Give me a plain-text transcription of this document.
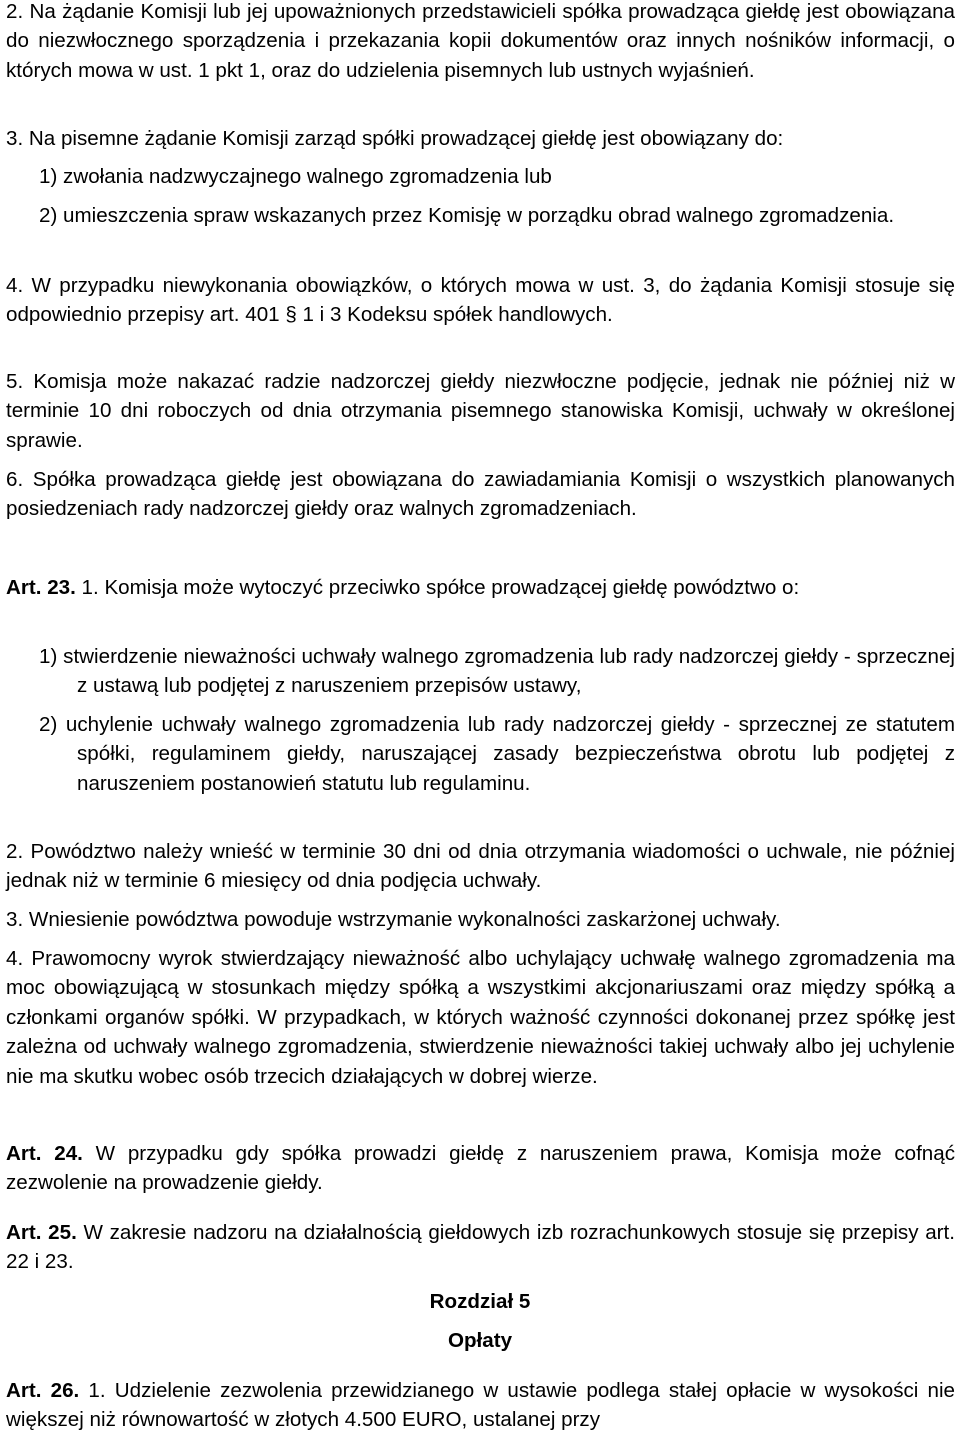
2. Na żądanie Komisji lub jej upoważnionych przedstawicieli spółka prowadząca giełdę jest obowiązana do niezwłocznego sporządzenia i przekazania kopii dokumentów oraz innych nośników informacji, o których mowa w ust. 1 pkt 1, oraz do udzielenia pisemnych lub ustnych wyjaśnień.

3. Na pisemne żądanie Komisji zarząd spółki prowadzącej giełdę jest obowiązany do:

1) zwołania nadzwyczajnego walnego zgromadzenia lub

2) umieszczenia spraw wskazanych przez Komisję w porządku obrad walnego zgromadzenia.

4. W przypadku niewykonania obowiązków, o których mowa w ust. 3, do żądania Komisji stosuje się odpowiednio przepisy art. 401 § 1 i 3 Kodeksu spółek handlowych.

5. Komisja może nakazać radzie nadzorczej giełdy niezwłoczne podjęcie, jednak nie później niż w terminie 10 dni roboczych od dnia otrzymania pisemnego stanowiska Komisji, uchwały w określonej sprawie.

6. Spółka prowadząca giełdę jest obowiązana do zawiadamiania Komisji o wszystkich planowanych posiedzeniach rady nadzorczej giełdy oraz walnych zgromadzeniach.

Art. 23. 1. Komisja może wytoczyć przeciwko spółce prowadzącej giełdę powództwo o:

1) stwierdzenie nieważności uchwały walnego zgromadzenia lub rady nadzorczej giełdy - sprzecznej z ustawą lub podjętej z naruszeniem przepisów ustawy,

2) uchylenie uchwały walnego zgromadzenia lub rady nadzorczej giełdy - sprzecznej ze statutem spółki, regulaminem giełdy, naruszającej zasady bezpieczeństwa obrotu lub podjętej z naruszeniem postanowień statutu lub regulaminu.

2. Powództwo należy wnieść w terminie 30 dni od dnia otrzymania wiadomości o uchwale, nie później jednak niż w terminie 6 miesięcy od dnia podjęcia uchwały.

3. Wniesienie powództwa powoduje wstrzymanie wykonalności zaskarżonej uchwały.

4. Prawomocny wyrok stwierdzający nieważność albo uchylający uchwałę walnego zgromadzenia ma moc obowiązującą w stosunkach między spółką a wszystkimi akcjonariuszami oraz między spółką a członkami organów spółki. W przypadkach, w których ważność czynności dokonanej przez spółkę jest zależna od uchwały walnego zgromadzenia, stwierdzenie nieważności takiej uchwały albo jej uchylenie nie ma skutku wobec osób trzecich działających w dobrej wierze.

Art. 24. W przypadku gdy spółka prowadzi giełdę z naruszeniem prawa, Komisja może cofnąć zezwolenie na prowadzenie giełdy.

Art. 25. W zakresie nadzoru na działalnością giełdowych izb rozrachunkowych stosuje się przepisy art. 22 i 23.

Rozdział 5

Opłaty

Art. 26. 1. Udzielenie zezwolenia przewidzianego w ustawie podlega stałej opłacie w wysokości nie większej niż równowartość w złotych 4.500 EURO, ustalanej przy
